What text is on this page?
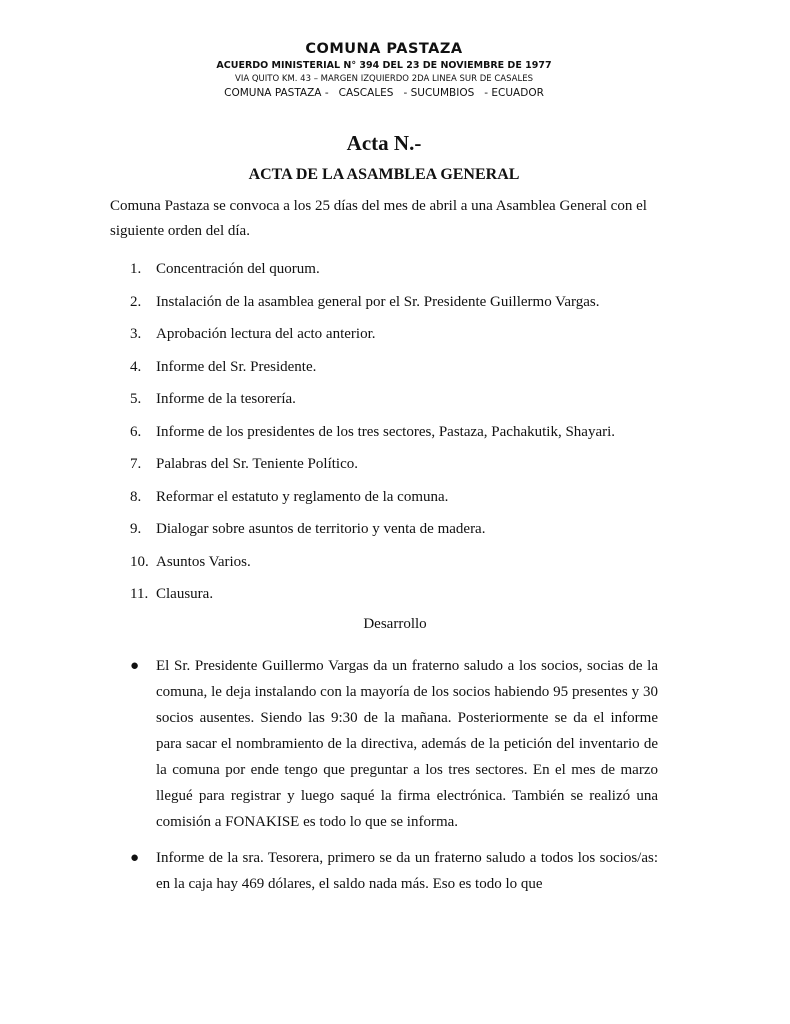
COMUNA PASTAZA
ACUERDO MINISTERIAL N° 394 DEL 23 DE NOVIEMBRE DE 1977
VIA QUITO KM. 43 – MARGEN IZQUIERDO 2DA LINEA SUR DE CASALES
COMUNA PASTAZA -   CASCALES   - SUCUMBIOS   - ECUADOR
Acta N.-
ACTA DE LA ASAMBLEA GENERAL
Comuna Pastaza se convoca a los 25 días del mes de abril a una Asamblea General con el siguiente orden del día.
1. Concentración del quorum.
2. Instalación de la asamblea general por el Sr. Presidente Guillermo Vargas.
3. Aprobación lectura del acto anterior.
4. Informe del Sr. Presidente.
5. Informe de la tesorería.
6. Informe de los presidentes de los tres sectores, Pastaza, Pachakutik, Shayari.
7. Palabras del Sr. Teniente Político.
8. Reformar el estatuto y reglamento de la comuna.
9. Dialogar sobre asuntos de territorio y venta de madera.
10. Asuntos Varios.
11. Clausura.
Desarrollo
● El Sr. Presidente Guillermo Vargas da un fraterno saludo a los socios, socias de la comuna, le deja instalando con la mayoría de los socios habiendo 95 presentes y 30 socios ausentes. Siendo las 9:30 de la mañana. Posteriormente se da el informe para sacar el nombramiento de la directiva, además de la petición del inventario de la comuna por ende tengo que preguntar a los tres sectores. En el mes de marzo llegué para registrar y luego saqué la firma electrónica. También se realizó una comisión a FONAKISE es todo lo que se informa.
● Informe de la sra. Tesorera, primero se da un fraterno saludo a todos los socios/as: en la caja hay 469 dólares, el saldo nada más. Eso es todo lo que
